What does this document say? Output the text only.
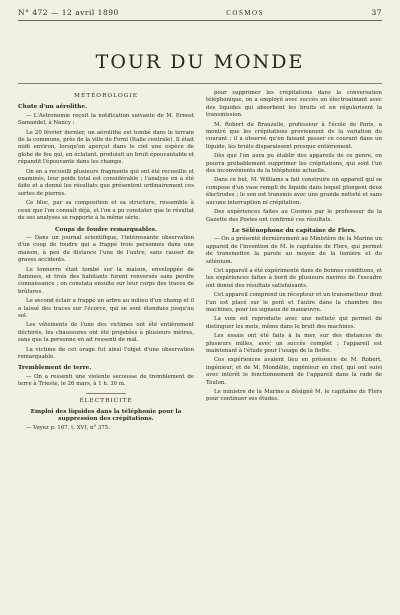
N° 472 — 12 avril 1890	COSMOS	37
TOUR DU MONDE
MÉTÉOROLOGIE
Chute d'un aérolithe.

— L'Astronomie reçoit la notification suivante de M. Ernest Samandel, à Nancy :

Le 20 février dernier, un aérolithe est tombé dans le terrain de la commune, près de la ville de Forni (Italie centrale). Il était midi environ, lorsqu'on aperçut dans le ciel une espèce de globe de feu qui, en éclatant, produisit un bruit épouvantable et répandit l'épouvante dans les champs.

On en a recueilli plusieurs fragments qui ont été recueillis et examinés, leur poids total est considérable ; l'analyse en a été faite et a donné les résultats que présentent ordinairement ces sortes de pierres.

Ce bloc, par sa composition et sa structure, ressemble à ceux que l'on connaît déjà, et l'on a pu constater que le résultat de ses analyses se rapporte à la même série.

Coups de foudre remarquables.

— Dans un journal scientifique, l'intéressante observation d'un coup de foudre qui a frappé trois personnes dans une maison, à peu de distance l'une de l'autre, sans causer de graves accidents.

Le tonnerre était tombé sur la maison, enveloppée de flammes, et trois des habitants furent renversés sans perdre connaissance ; on constata ensuite sur leur corps des traces de brûlures.

Le second éclair a frappé un arbre au milieu d'un champ et il a laissé des traces sur l'écorce, qui se sont étendues jusqu'au sol.

Les vêtements de l'une des victimes ont été entièrement déchirés, les chaussures ont été projetées à plusieurs mètres, sans que la personne en ait ressenti de mal.

La victime de cet orage fut ainsi l'objet d'une observation remarquable.

Tremblement de terre.

— On a ressenti une violente secousse de tremblement de terre à Trieste, le 26 mars, à 1 h. 30 m.

ÉLECTRICITÉ
Emploi des liquides dans la téléphonie pour la suppression des crépitations.

— Voyez p. 167, t. XVI, n° 375.

pour supprimer les crépitations dans la conversation téléphonique, on a employé avec succès un électroaimant avec des liquides qui absorbent les bruits et en régularisent la transmission.

M. Robert de Brauzelle, professeur à l'école de Paris, a montré que les crépitations proviennent de la variation du courant ; il a observé qu'en faisant passer ce courant dans un liquide, les bruits disparaissent presque entièrement.

Dès que l'on aura pu établir des appareils de ce genre, on pourra probablement supprimer les crépitations, qui sont l'un des inconvénients de la téléphonie actuelle.

Dans ce but, M. Williams a fait construire un appareil qui se compose d'un vase rempli de liquide dans lequel plongent deux électrodes ; le son est transmis avec une grande netteté et sans aucune interruption ni crépitation.

Des expériences faites au Cosmos par le professeur de la Gazette des Postes ont confirmé ces résultats.

Le Sélénophone du capitaine de Flers.

— On a présenté dernièrement au Ministère de la Marine un appareil de l'invention de M. le capitaine de Flers, qui permet de transmettre la parole au moyen de la lumière et du sélénium.

Cet appareil a été expérimenté dans de bonnes conditions, et les expériences faites à bord de plusieurs navires de l'escadre ont donné des résultats satisfaisants.

Cet appareil comprend un récepteur et un transmetteur dont l'un est placé sur le pont et l'autre dans la chambre des machines, pour les signaux de manœuvre.

La voix est reproduite avec une netteté qui permet de distinguer les mots, même dans le bruit des machines.

Les essais ont été faits à la mer, sur des distances de plusieurs milles, avec un succès complet ; l'appareil est maintenant à l'étude pour l'usage de la flotte.

Ces expériences avaient lieu en présence de M. Robert, ingénieur, et de M. Mondélie, ingénieur en chef, qui ont suivi avec intérêt le fonctionnement de l'appareil dans la rade de Toulon.

Le ministre de la Marine a désigné M. le capitaine de Flers pour continuer ses études.
